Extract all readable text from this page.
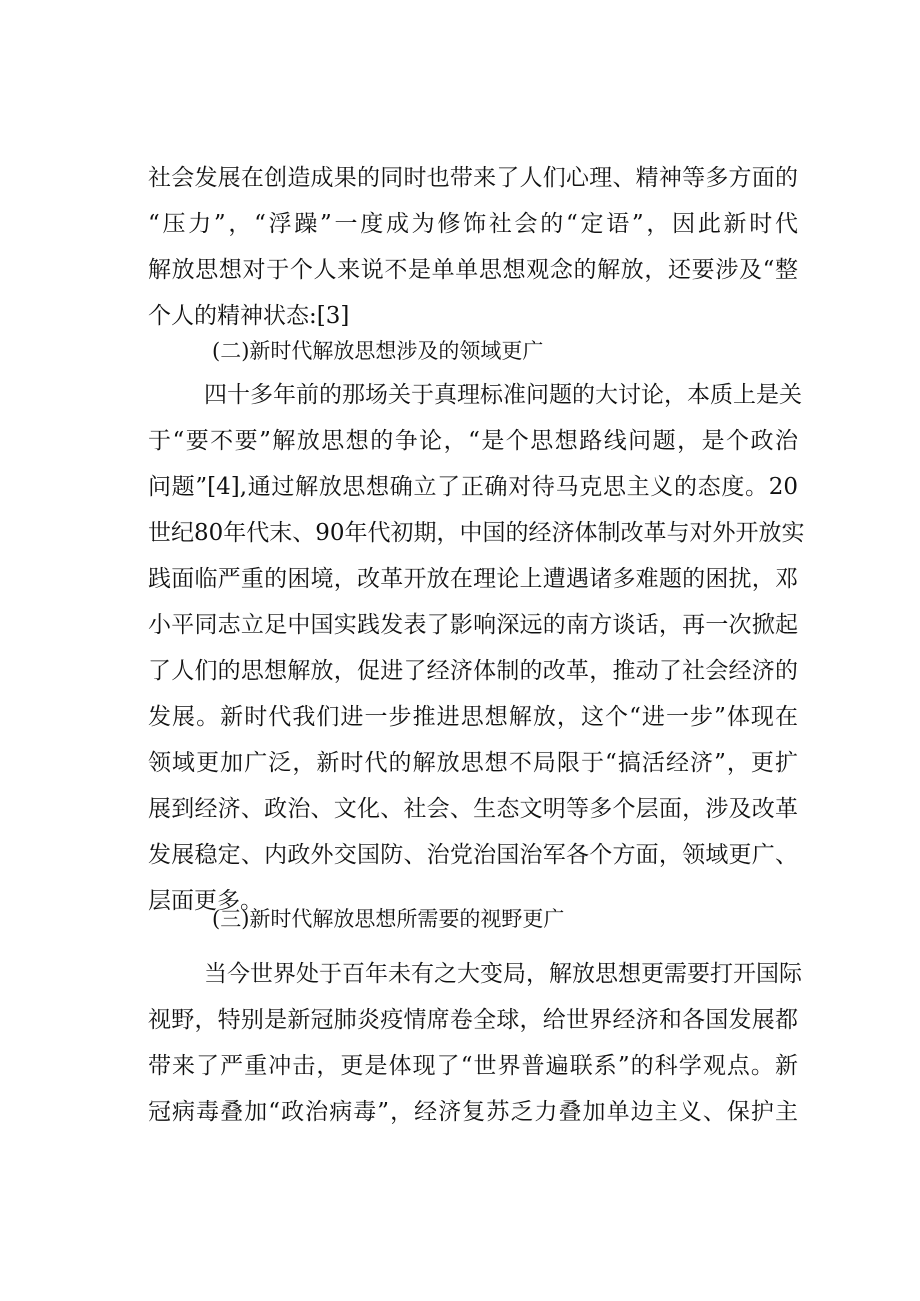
社会发展在创造成果的同时也带来了人们心理、精神等多方面的
“压力”，“浮躁”一度成为修饰社会的“定语”，因此新时代
解放思想对于个人来说不是单单思想观念的解放，还要涉及“整
个人的精神状态:[3]
(二)新时代解放思想涉及的领域更广
四十多年前的那场关于真理标准问题的大讨论，本质上是关
于“要不要”解放思想的争论，“是个思想路线问题，是个政治
问题”[4],通过解放思想确立了正确对待马克思主义的态度。20
世纪80年代末、90年代初期，中国的经济体制改革与对外开放实
践面临严重的困境，改革开放在理论上遭遇诸多难题的困扰，邓
小平同志立足中国实践发表了影响深远的南方谈话，再一次掀起
了人们的思想解放，促进了经济体制的改革，推动了社会经济的
发展。新时代我们进一步推进思想解放，这个“进一步”体现在
领域更加广泛，新时代的解放思想不局限于“搞活经济”，更扩
展到经济、政治、文化、社会、生态文明等多个层面，涉及改革
发展稳定、内政外交国防、治党治国治军各个方面，领域更广、
层面更多。
(三)新时代解放思想所需要的视野更广
当今世界处于百年未有之大变局，解放思想更需要打开国际
视野，特别是新冠肺炎疫情席卷全球，给世界经济和各国发展都
带来了严重冲击，更是体现了“世界普遍联系”的科学观点。新
冠病毒叠加“政治病毒”，经济复苏乏力叠加单边主义、保护主
